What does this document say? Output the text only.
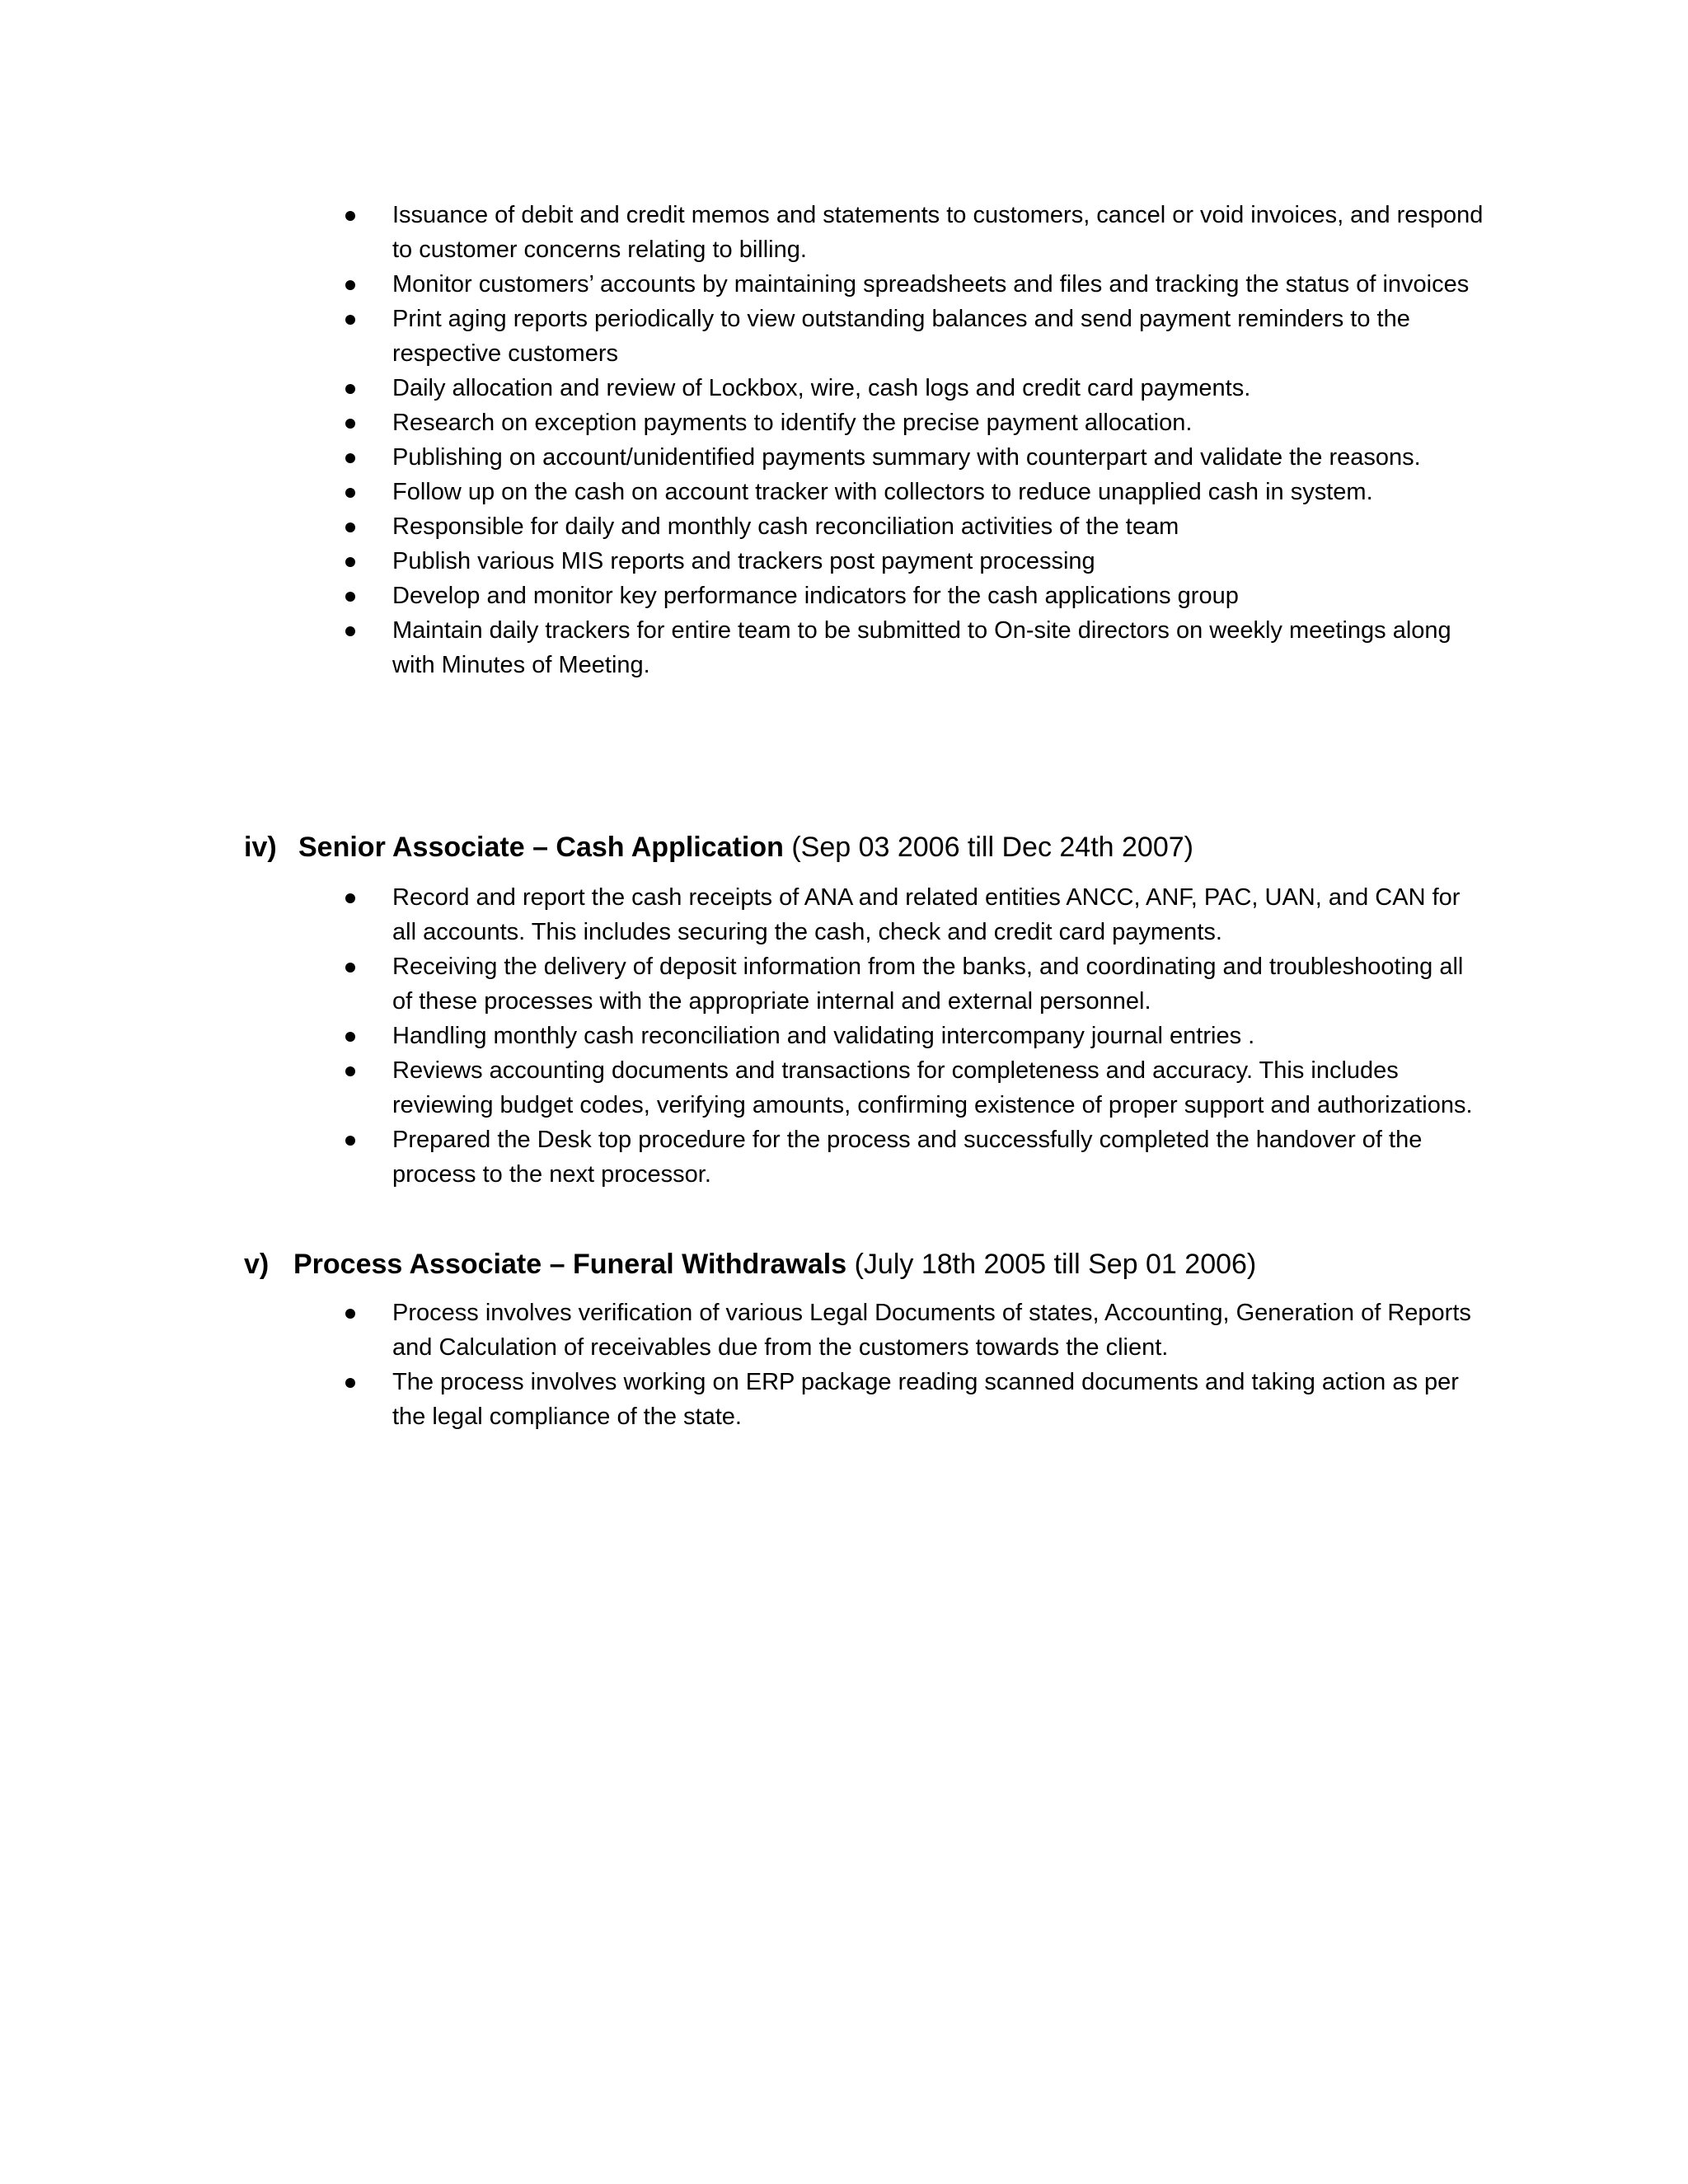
Issuance of debit and credit memos and statements to customers, cancel or void invoices, and respond to customer concerns relating to billing.
Monitor customers’ accounts by maintaining spreadsheets and files and tracking the status of invoices
Print aging reports periodically to view outstanding balances and send payment reminders to the respective customers
Daily allocation and review of Lockbox, wire, cash logs and credit card payments.
Research on exception payments to identify the precise payment allocation.
Publishing on account/unidentified payments summary with counterpart and validate the reasons.
Follow up on the cash on account tracker with collectors to reduce unapplied cash in system.
Responsible for daily and monthly cash reconciliation activities of the team
Publish various MIS reports and trackers post payment processing
Develop and monitor key performance indicators for the cash applications group
Maintain daily trackers for entire team to be submitted to On-site directors on weekly meetings along with Minutes of Meeting.
iv) Senior Associate – Cash Application (Sep 03 2006 till Dec 24th 2007)
Record and report the cash receipts of ANA and related entities ANCC, ANF, PAC, UAN, and CAN for all accounts. This includes securing the cash, check and credit card payments.
Receiving the delivery of deposit information from the banks, and coordinating and troubleshooting all of these processes with the appropriate internal and external personnel.
Handling monthly cash reconciliation and validating intercompany journal entries .
Reviews accounting documents and transactions for completeness and accuracy. This includes reviewing budget codes, verifying amounts, confirming existence of proper support and authorizations.
Prepared the Desk top procedure for the process and successfully completed the handover of the process to the next processor.
v) Process Associate – Funeral Withdrawals (July 18th 2005 till Sep 01 2006)
Process involves verification of various Legal Documents of states, Accounting, Generation of Reports and Calculation of receivables due from the customers towards the client.
The process involves working on ERP package reading scanned documents and taking action as per the legal compliance of the state.
